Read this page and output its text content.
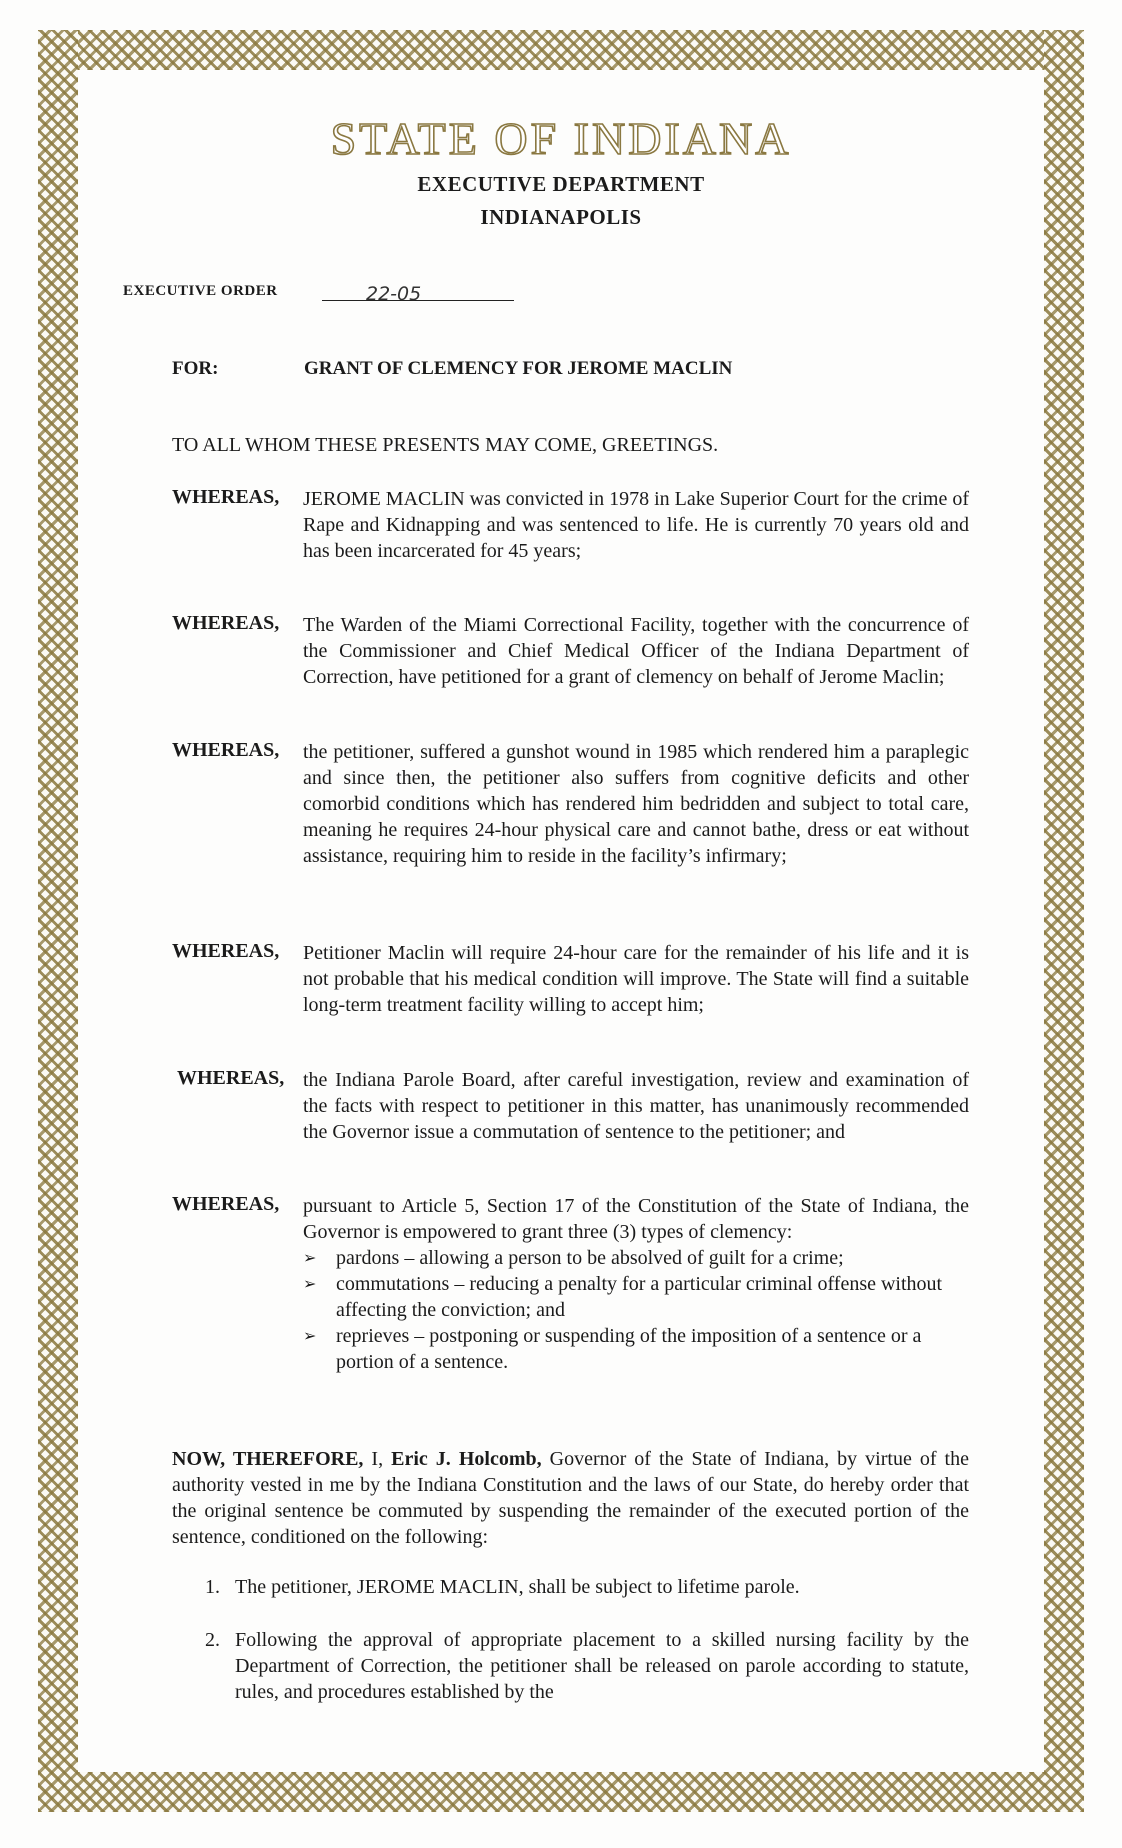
STATE OF INDIANA
EXECUTIVE DEPARTMENT
INDIANAPOLIS
EXECUTIVE ORDER	22-05
FOR:	GRANT OF CLEMENCY FOR JEROME MACLIN
TO ALL WHOM THESE PRESENTS MAY COME, GREETINGS.
WHEREAS, JEROME MACLIN was convicted in 1978 in Lake Superior Court for the crime of Rape and Kidnapping and was sentenced to life. He is currently 70 years old and has been incarcerated for 45 years;
WHEREAS, The Warden of the Miami Correctional Facility, together with the concurrence of the Commissioner and Chief Medical Officer of the Indiana Department of Correction, have petitioned for a grant of clemency on behalf of Jerome Maclin;
WHEREAS, the petitioner, suffered a gunshot wound in 1985 which rendered him a paraplegic and since then, the petitioner also suffers from cognitive deficits and other comorbid conditions which has rendered him bedridden and subject to total care, meaning he requires 24-hour physical care and cannot bathe, dress or eat without assistance, requiring him to reside in the facility’s infirmary;
WHEREAS, Petitioner Maclin will require 24-hour care for the remainder of his life and it is not probable that his medical condition will improve. The State will find a suitable long-term treatment facility willing to accept him;
WHEREAS, the Indiana Parole Board, after careful investigation, review and examination of the facts with respect to petitioner in this matter, has unanimously recommended the Governor issue a commutation of sentence to the petitioner; and
WHEREAS, pursuant to Article 5, Section 17 of the Constitution of the State of Indiana, the Governor is empowered to grant three (3) types of clemency:
➢ pardons – allowing a person to be absolved of guilt for a crime;
➢ commutations – reducing a penalty for a particular criminal offense without affecting the conviction; and
➢ reprieves – postponing or suspending of the imposition of a sentence or a portion of a sentence.
NOW, THEREFORE, I, Eric J. Holcomb, Governor of the State of Indiana, by virtue of the authority vested in me by the Indiana Constitution and the laws of our State, do hereby order that the original sentence be commuted by suspending the remainder of the executed portion of the sentence, conditioned on the following:
1. The petitioner, JEROME MACLIN, shall be subject to lifetime parole.
2. Following the approval of appropriate placement to a skilled nursing facility by the Department of Correction, the petitioner shall be released on parole according to statute, rules, and procedures established by the
